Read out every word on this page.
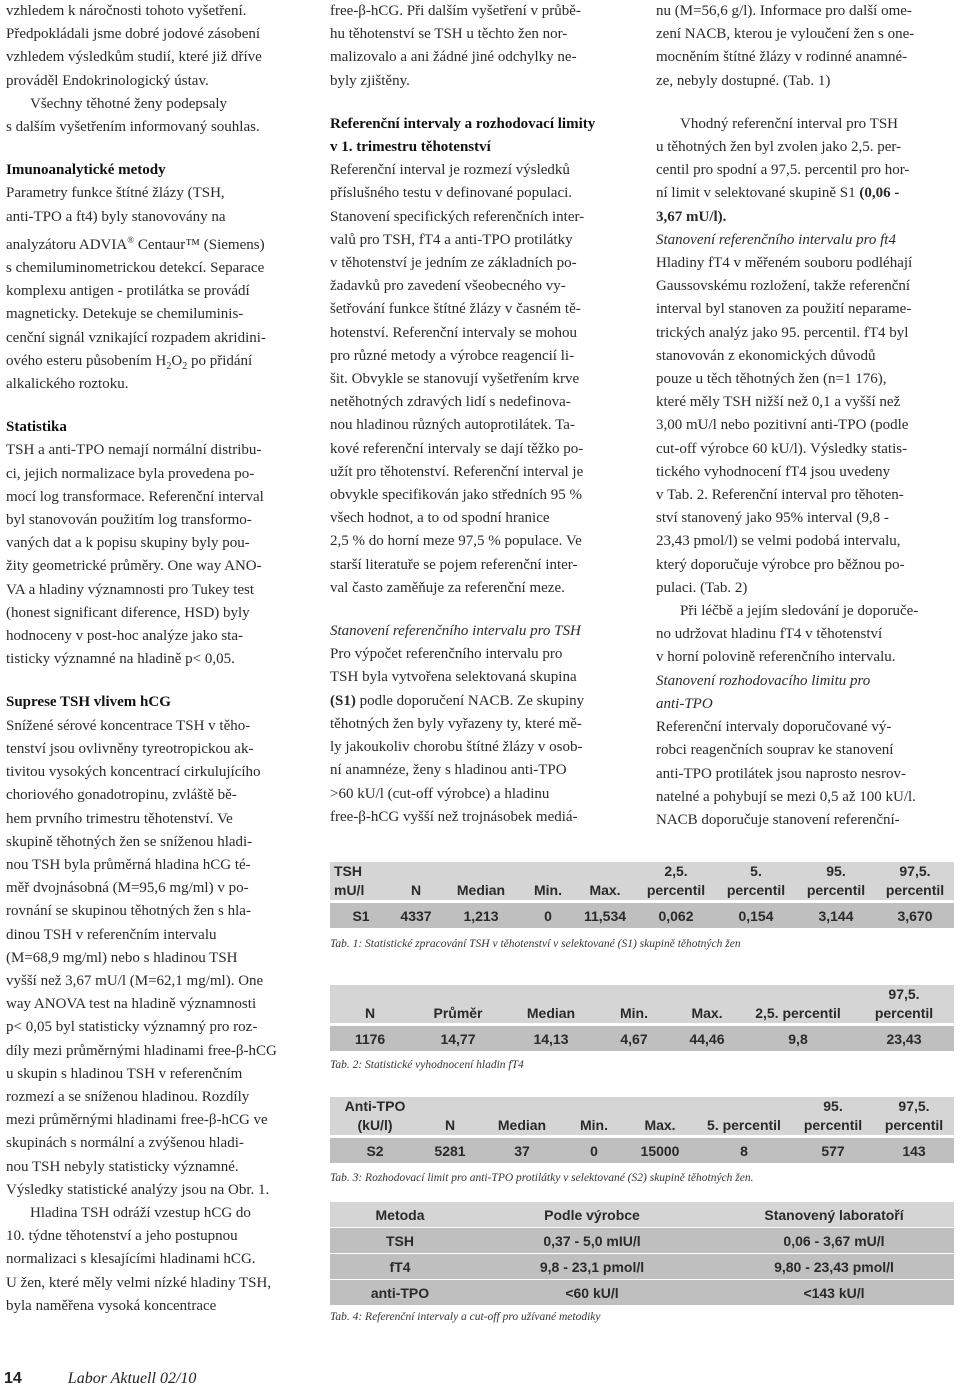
vzhledem k náročnosti tohoto vyšetření.

Předpokládali jsme dobré jodové zásobení

vzhledem výsledkům studií, které již dříve

prováděl Endokrinologický ústav.

Všechny těhotné ženy podepsaly

s dalším vyšetřením informovaný souhlas.

Imunoanalytické metody

Parametry funkce štítné žlázy (TSH,

anti-TPO a ft4) byly stanovovány na

analyzátoru ADVIA® Centaur™ (Siemens)

s chemiluminometrickou detekcí. Separace

komplexu antigen - protilátka se provádí

magneticky. Detekuje se chemiluminis-

cenční signál vznikající rozpadem akridini-

ového esteru působením $H_2O_2$ po přidání

alkalického roztoku.

Statistika

TSH a anti-TPO nemají normální distribu-

ci, jejich normalizace byla provedena po-

mocí log transformace. Referenční interval

byl stanovován použitím log transformo-

vaných dat a k popisu skupiny byly pou-

žity geometrické průměry. One way ANO-

VA a hladiny významnosti pro Tukey test

(honest significant diference, HSD) byly

hodnoceny v post-hoc analýze jako sta-

tisticky významné na hladině p< 0,05.

Suprese TSH vlivem hCG

Snížené sérové koncentrace TSH v těho-

tenství jsou ovlivněny tyreotropickou ak-

tivitou vysokých koncentrací cirkulujícího

choriového gonadotropinu, zvláště bě-

hem prvního trimestru těhotenství. Ve

skupině těhotných žen se sníženou hladi-

nou TSH byla průměrná hladina hCG té-

měř dvojnásobná (M=95,6 mg/ml) v po-

rovnání se skupinou těhotných žen s hla-

dinou TSH v referenčním intervalu

(M=68,9 mg/ml) nebo s hladinou TSH

vyšší než 3,67 mU/l (M=62,1 mg/ml). One

way ANOVA test na hladině významnosti

p< 0,05 byl statisticky významný pro roz-

díly mezi průměrnými hladinami free-β-hCG

u skupin s hladinou TSH v referenčním

rozmezí a se sníženou hladinou. Rozdíly

mezi průměrnými hladinami free-β-hCG ve

skupinách s normální a zvýšenou hladi-

nou TSH nebyly statisticky významné.

Výsledky statistické analýzy jsou na Obr. 1.

Hladina TSH odráží vzestup hCG do

10. týdne těhotenství a jeho postupnou

normalizaci s klesajícími hladinami hCG.

U žen, které měly velmi nízké hladiny TSH,

byla naměřena vysoká koncentrace

free-β-hCG. Při dalším vyšetření v průbě-

hu těhotenství se TSH u těchto žen nor-

malizovalo a ani žádné jiné odchylky ne-

byly zjištěny.

Referenční intervaly a rozhodovací limity

v 1. trimestru těhotenství

Referenční interval je rozmezí výsledků

příslušného testu v definované populaci.

Stanovení specifických referenčních inter-

valů pro TSH, fT4 a anti-TPO protilátky

v těhotenství je jedním ze základních po-

žadavků pro zavedení všeobecného vy-

šetřování funkce štítné žlázy v časném tě-

hotenství. Referenční intervaly se mohou

pro různé metody a výrobce reagencií li-

šit. Obvykle se stanovují vyšetřením krve

netěhotných zdravých lidí s nedefinova-

nou hladinou různých autoprotilátek. Ta-

kové referenční intervaly se dají těžko po-

užít pro těhotenství. Referenční interval je

obvykle specifikován jako středních 95 %

všech hodnot, a to od spodní hranice

2,5 % do horní meze 97,5 % populace. Ve

starší literatuře se pojem referenční inter-

val často zaměňuje za referenční meze.

Stanovení referenčního intervalu pro TSH

Pro výpočet referenčního intervalu pro

TSH byla vytvořena selektovaná skupina

(S1) podle doporučení NACB. Ze skupiny

těhotných žen byly vyřazeny ty, které mě-

ly jakoukoliv chorobu štítné žlázy v osob-

ní anamnéze, ženy s hladinou anti-TPO

>60 kU/l (cut-off výrobce) a hladinu

free-β-hCG vyšší než trojnásobek mediá-

nu (M=56,6 g/l). Informace pro další ome-

zení NACB, kterou je vyloučení žen s one-

mocněním štítné žlázy v rodinné anamné-

ze, nebyly dostupné. (Tab. 1)

Vhodný referenční interval pro TSH

u těhotných žen byl zvolen jako 2,5. per-

centil pro spodní a 97,5. percentil pro hor-

ní limit v selektované skupině S1 (0,06 -

3,67 mU/l).

Stanovení referenčního intervalu pro ft4

Hladiny fT4 v měřeném souboru podléhají

Gaussovskému rozložení, takže referenční

interval byl stanoven za použití neparame-

trických analýz jako 95. percentil. fT4 byl

stanovován z ekonomických důvodů

pouze u těch těhotných žen (n=1 176),

které měly TSH nižší než 0,1 a vyšší než

3,00 mU/l nebo pozitivní anti-TPO (podle

cut-off výrobce 60 kU/l). Výsledky statis-

tického vyhodnocení fT4 jsou uvedeny

v Tab. 2. Referenční interval pro těhoten-

ství stanovený jako 95% interval (9,8 -

23,43 pmol/l) se velmi podobá intervalu,

který doporučuje výrobce pro běžnou po-

pulaci. (Tab. 2)

Při léčbě a jejím sledování je doporuče-

no udržovat hladinu fT4 v těhotenství

v horní polovině referenčního intervalu.

Stanovení rozhodovacího limitu pro

anti-TPO

Referenční intervaly doporučované vý-

robci reagenčních souprav ke stanovení

anti-TPO protilátek jsou naprosto nesrov-

natelné a pohybují se mezi 0,5 až 100 kU/l.

NACB doporučuje stanovení referenční-

TSH					2,5.	5.	95.	97,5.
mU/l	N	Median	Min.	Max.	percentil	percentil	percentil	percentil

S1	4337	1,213	0	11,534	0,062	0,154	3,144	3,670
Tab. 1: Statistické zpracování TSH v těhotenství v selektované (S1) skupině těhotných žen
						97,5.
N	Průměr	Median	Min.	Max.	2,5. percentil	percentil

1176	14,77	14,13	4,67	44,46	9,8	23,43
Tab. 2: Statistické vyhodnocení hladin fT4
Anti-TPO						95.	97,5.
(kU/l)	N	Median	Min.	Max.	5. percentil	percentil	percentil

S2	5281	37	0	15000	8	577	143
Tab. 3: Rozhodovací limit pro anti-TPO protilátky v selektované (S2) skupině těhotných žen.
Metoda	Podle výrobce	Stanovený laboratoří

TSH	0,37 - 5,0 mIU/l	0,06 - 3,67 mU/l

fT4	9,8 - 23,1 pmol/l	9,80 - 23,43 pmol/l

anti-TPO	<60 kU/l	<143 kU/l
Tab. 4: Referenční intervaly a cut-off pro užívané metodiky
14	Labor Aktuell 02/10
